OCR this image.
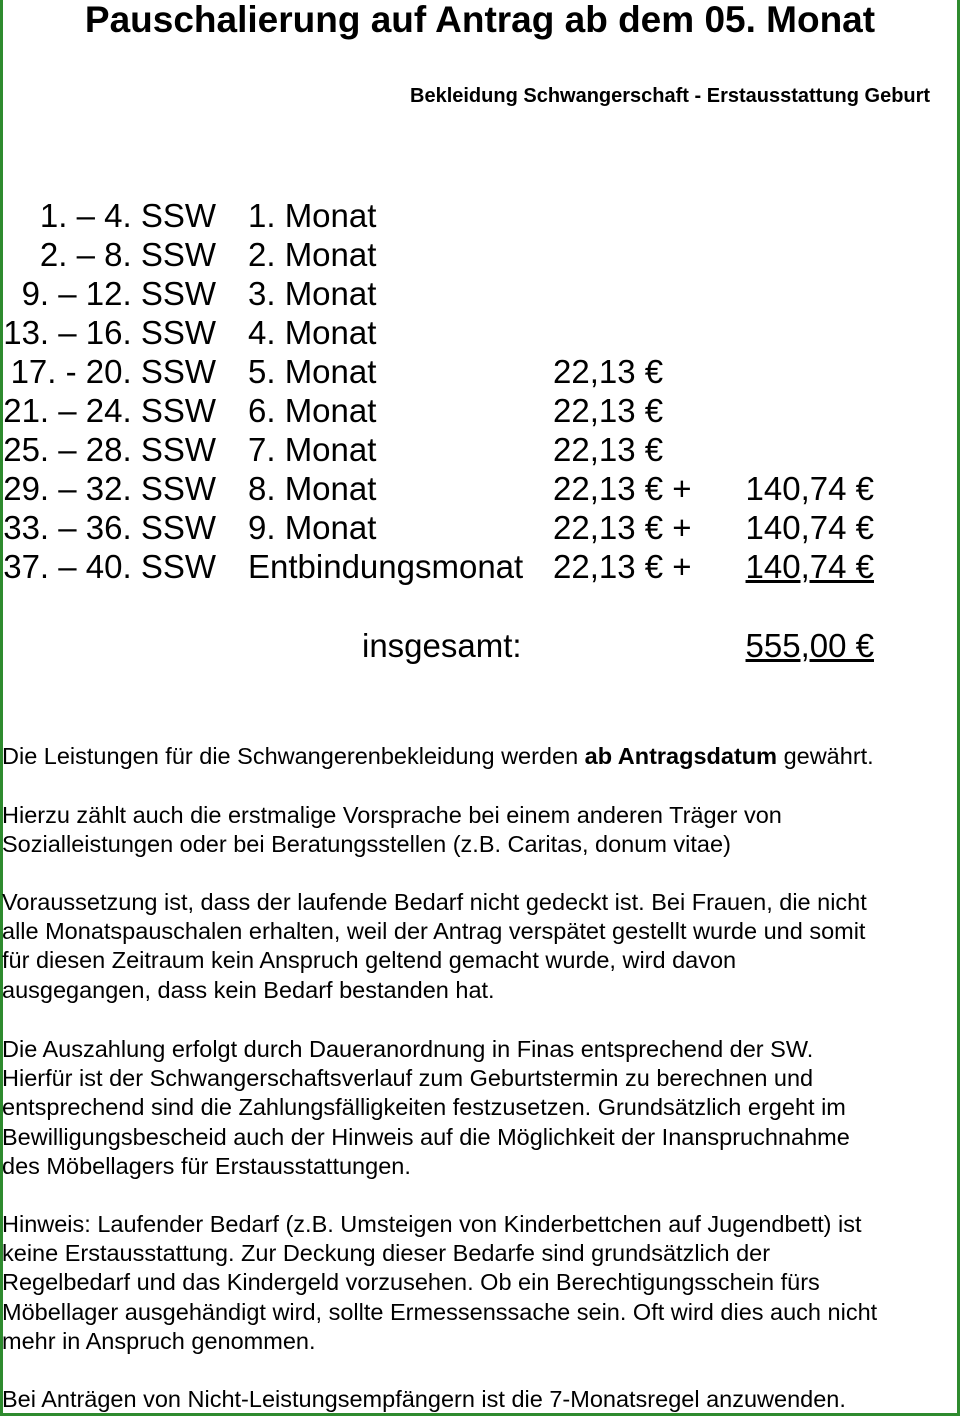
Pauschalierung auf Antrag ab dem 05. Monat
Bekleidung Schwangerschaft - Erstausstattung Geburt
1. – 4. SSW 1. Monat
2. – 8. SSW 2. Monat
9. – 12. SSW 3. Monat
13. – 16. SSW 4. Monat
17. - 20. SSW 5. Monat	22,13 €
21. – 24. SSW 6. Monat	22,13 €
25. – 28. SSW 7. Monat	22,13 €
29. – 32. SSW 8. Monat	22,13 € + 140,74 €
33. – 36. SSW 9. Monat	22,13 € + 140,74 €
37. – 40. SSW Entbindungsmonat 22,13 € + 140,74 €
insgesamt:	555,00 €

Die Leistungen für die Schwangerenbekleidung werden ab Antragsdatum gewährt.

Hierzu zählt auch die erstmalige Vorsprache bei einem anderen Träger von
Sozialleistungen oder bei Beratungsstellen (z.B. Caritas, donum vitae)
Voraussetzung ist, dass der laufende Bedarf nicht gedeckt ist. Bei Frauen, die nicht
alle Monatspauschalen erhalten, weil der Antrag verspätet gestellt wurde und somit
für diesen Zeitraum kein Anspruch geltend gemacht wurde, wird davon
ausgegangen, dass kein Bedarf bestanden hat.
Die Auszahlung erfolgt durch Daueranordnung in Finas entsprechend der SW.
Hierfür ist der Schwangerschaftsverlauf zum Geburtstermin zu berechnen und
entsprechend sind die Zahlungsfälligkeiten festzusetzen. Grundsätzlich ergeht im
Bewilligungsbescheid auch der Hinweis auf die Möglichkeit der Inanspruchnahme
des Möbellagers für Erstausstattungen.
Hinweis: Laufender Bedarf (z.B. Umsteigen von Kinderbettchen auf Jugendbett) ist
keine Erstausstattung. Zur Deckung dieser Bedarfe sind grundsätzlich der
Regelbedarf und das Kindergeld vorzusehen. Ob ein Berechtigungsschein fürs
Möbellager ausgehändigt wird, sollte Ermessenssache sein. Oft wird dies auch nicht
mehr in Anspruch genommen.
Bei Anträgen von Nicht-Leistungsempfängern ist die 7-Monatsregel anzuwenden.
